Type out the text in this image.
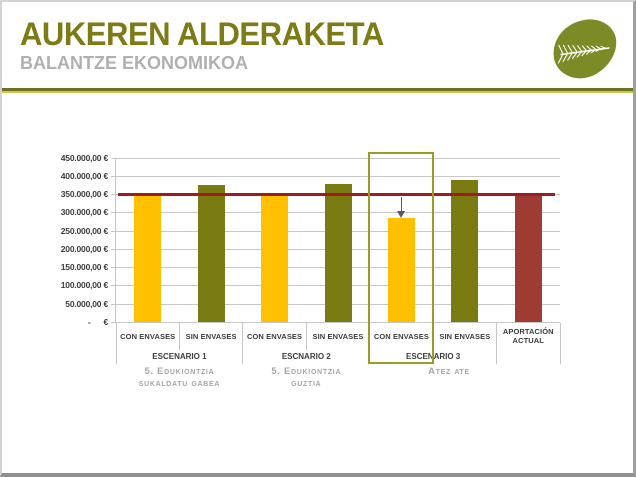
AUKEREN ALDERAKETA
BALANTZE EKONOMIKOA
450.000,00 €
400.000,00 €
350.000,00 €
300.000,00 €
250.000,00 €
200.000,00 €
150.000,00 €
100.000,00 €
50.000,00 €
-      €
CON ENVASES	SIN ENVASES	CON ENVASES	SIN ENVASES	CON ENVASES	SIN ENVASES	APORTACIÓN ACTUAL
ESCENARIO 1	ESCNARIO 2	ESCENARIO 3
5. Edukiontzia
sukaldatu gabea
5. Edukiontzia
guztia
Atez ate
